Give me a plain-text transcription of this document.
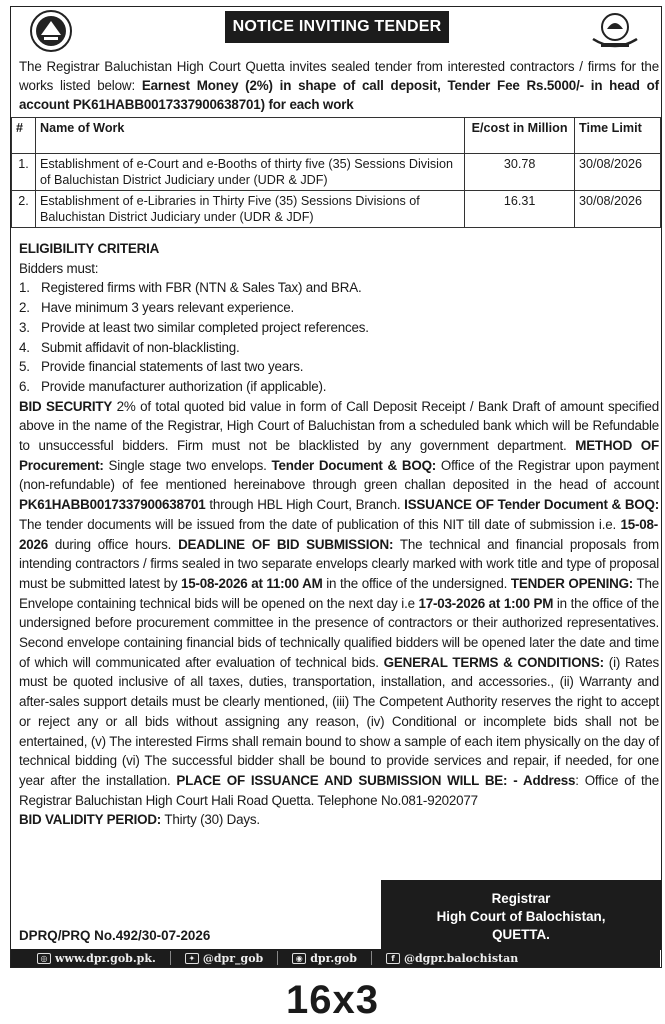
NOTICE INVITING TENDER

The Registrar Baluchistan High Court Quetta invites sealed tender from interested contractors / firms for the works listed below: Earnest Money (2%) in shape of call deposit, Tender Fee Rs.5000/- in head of account PK61HABB0017337900638701) for each work

#	Name of Work	E/cost in Million	Time Limit
1.	Establishment of e-Court and e-Booths of thirty five (35) Sessions Division of Baluchistan District Judiciary under (UDR & JDF)	30.78	30/08/2026
2.	Establishment of e-Libraries in Thirty Five (35) Sessions Divisions of Baluchistan District Judiciary under (UDR & JDF)	16.31	30/08/2026
ELIGIBILITY CRITERIA
Bidders must:
1. Registered firms with FBR (NTN & Sales Tax) and BRA.
2. Have minimum 3 years relevant experience.
3. Provide at least two similar completed project references.
4. Submit affidavit of non-blacklisting.
5. Provide financial statements of last two years.
6. Provide manufacturer authorization (if applicable).

BID SECURITY 2% of total quoted bid value in form of Call Deposit Receipt / Bank Draft of amount specified above in the name of the Registrar, High Court of Baluchistan from a scheduled bank which will be Refundable to unsuccessful bidders. Firm must not be blacklisted by any government department. METHOD OF Procurement: Single stage two envelops. Tender Document & BOQ: Office of the Registrar upon payment (non-refundable) of fee mentioned hereinabove through green challan deposited in the head of account PK61HABB0017337900638701 through HBL High Court, Branch. ISSUANCE OF Tender Document & BOQ: The tender documents will be issued from the date of publication of this NIT till date of submission i.e. 15-08-2026 during office hours. DEADLINE OF BID SUBMISSION: The technical and financial proposals from intending contractors / firms sealed in two separate envelops clearly marked with work title and type of proposal must be submitted latest by 15-08-2026 at 11:00 AM in the office of the undersigned. TENDER OPENING: The Envelope containing technical bids will be opened on the next day i.e 17-03-2026 at 1:00 PM in the office of the undersigned before procurement committee in the presence of contractors or their authorized representatives. Second envelope containing financial bids of technically qualified bidders will be opened later the date and time of which will communicated after evaluation of technical bids. GENERAL TERMS & CONDITIONS: (i) Rates must be quoted inclusive of all taxes, duties, transportation, installation, and accessories., (ii) Warranty and after-sales support details must be clearly mentioned, (iii) The Competent Authority reserves the right to accept or reject any or all bids without assigning any reason, (iv) Conditional or incomplete bids shall not be entertained, (v) The interested Firms shall remain bound to show a sample of each item physically on the day of technical bidding (vi) The successful bidder shall be bound to provide services and repair, if needed, for one year after the installation. PLACE OF ISSUANCE AND SUBMISSION WILL BE: - Address: Office of the Registrar Baluchistan High Court Hali Road Quetta. Telephone No.081-9202077

BID VALIDITY PERIOD: Thirty (30) Days.

Registrar
High Court of Balochistan,
QUETTA.
DPRQ/PRQ No.492/30-07-2026
◎ www.dpr.gob.pk.	✦ @dpr_gob	◉ dpr.gob	f @dgpr.balochistan
16x3
